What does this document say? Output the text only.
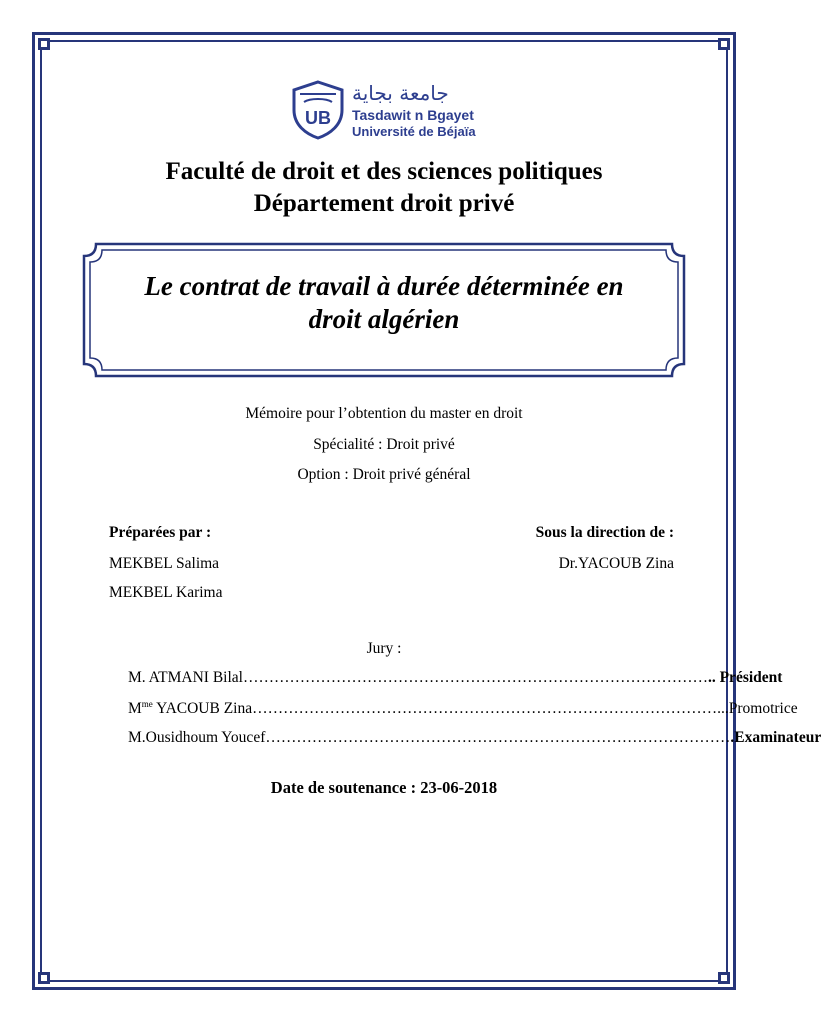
UB
جامعة بجاية
Tasdawit n Bgayet
Université de Béjaïa
Faculté de droit et des sciences politiques
Département droit privé
Le contrat de travail à durée déterminée en
droit algérien
Mémoire pour l’obtention du master en droit
Spécialité : Droit privé
Option : Droit privé général
Préparées par :
MEKBEL Salima
MEKBEL Karima
Sous la direction de :
Dr.YACOUB Zina
Jury :
M. ATMANI Bilal ……………………………………………………………………………… .. Président
$M^{me}$ YACOUB Zina ……………………………………………………………………………… ...Promotrice
M.Ousidhoum Youcef ……………………………………………………………………………… .Examinateur
Date de soutenance : 23-06-2018
